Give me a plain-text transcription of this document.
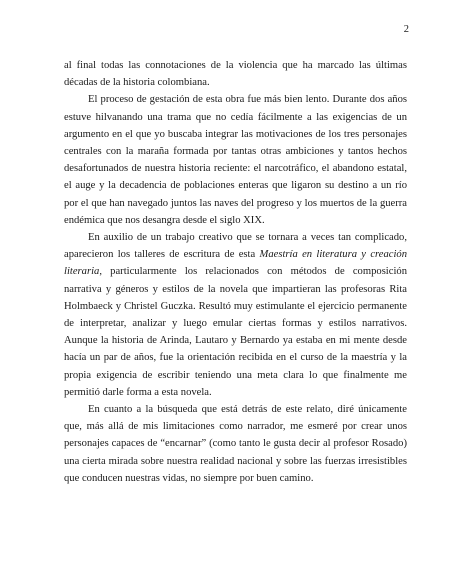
2

al final todas las connotaciones de la violencia que ha marcado las últimas décadas de la historia colombiana.

El proceso de gestación de esta obra fue más bien lento. Durante dos años estuve hilvanando una trama que no cedía fácilmente a las exigencias de un argumento en el que yo buscaba integrar las motivaciones de los tres personajes centrales con la maraña formada por tantas otras ambiciones y tantos hechos desafortunados de nuestra historia reciente: el narcotráfico, el abandono estatal, el auge y la decadencia de poblaciones enteras que ligaron su destino a un río por el que han navegado juntos las naves del progreso y los muertos de la guerra endémica que nos desangra desde el siglo XIX.

En auxilio de un trabajo creativo que se tornara a veces tan complicado, aparecieron los talleres de escritura de esta Maestría en literatura y creación literaria, particularmente los relacionados con métodos de composición narrativa y géneros y estilos de la novela que impartieran las profesoras Rita Holmbaeck y Christel Guczka. Resultó muy estimulante el ejercicio permanente de interpretar, analizar y luego emular ciertas formas y estilos narrativos. Aunque la historia de Arinda, Lautaro y Bernardo ya estaba en mi mente desde hacía un par de años, fue la orientación recibida en el curso de la maestría y la propia exigencia de escribir teniendo una meta clara lo que finalmente me permitió darle forma a esta novela.

En cuanto a la búsqueda que está detrás de este relato, diré únicamente que, más allá de mis limitaciones como narrador, me esmeré por crear unos personajes capaces de “encarnar” (como tanto le gusta decir al profesor Rosado) una cierta mirada sobre nuestra realidad nacional y sobre las fuerzas irresistibles que conducen nuestras vidas, no siempre por buen camino.
